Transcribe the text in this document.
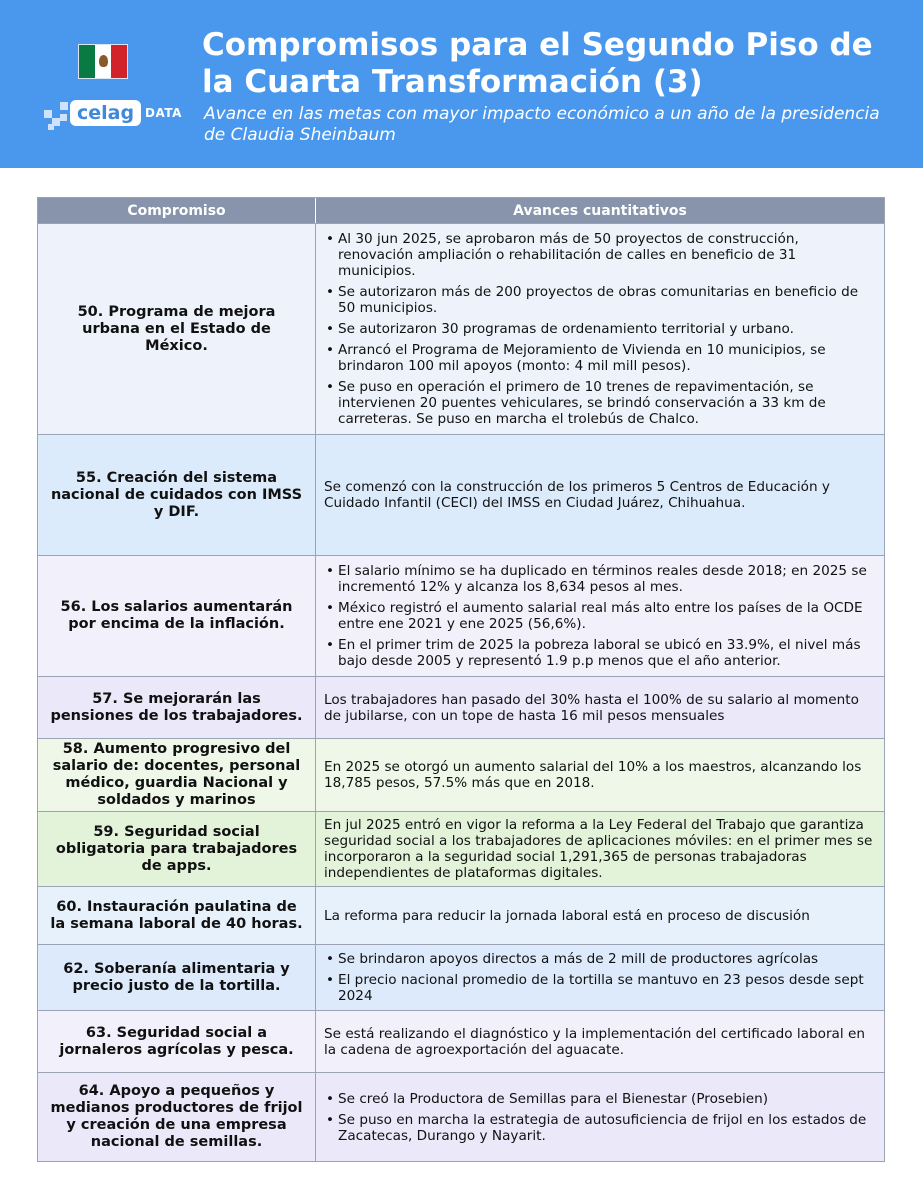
celag DATA
Compromisos para el Segundo Piso de la Cuarta Transformación (3)
Avance en las metas con mayor impacto económico a un año de la presidencia de Claudia Sheinbaum
Compromiso	Avances cuantitativos
50. Programa de mejora urbana en el Estado de México.
• Al 30 jun 2025, se aprobaron más de 50 proyectos de construcción, renovación ampliación o rehabilitación de calles en beneficio de 31 municipios.
• Se autorizaron más de 200 proyectos de obras comunitarias en beneficio de 50 municipios.
• Se autorizaron 30 programas de ordenamiento territorial y urbano.
• Arrancó el Programa de Mejoramiento de Vivienda en 10 municipios, se brindaron 100 mil apoyos (monto: 4 mil mill pesos).
• Se puso en operación el primero de 10 trenes de repavimentación, se intervienen 20 puentes vehiculares, se brindó conservación a 33 km de carreteras. Se puso en marcha el trolebús de Chalco.
55. Creación del sistema nacional de cuidados con IMSS y DIF.
Se comenzó con la construcción de los primeros 5 Centros de Educación y Cuidado Infantil (CECI) del IMSS en Ciudad Juárez, Chihuahua.
56. Los salarios aumentarán por encima de la inflación.
• El salario mínimo se ha duplicado en términos reales desde 2018; en 2025 se incrementó 12% y alcanza los 8,634 pesos al mes.
• México registró el aumento salarial real más alto entre los países de la OCDE entre ene 2021 y ene 2025 (56,6%).
• En el primer trim de 2025 la pobreza laboral se ubicó en 33.9%, el nivel más bajo desde 2005 y representó 1.9 p.p menos que el año anterior.
57. Se mejorarán las pensiones de los trabajadores.
Los trabajadores han pasado del 30% hasta el 100% de su salario al momento de jubilarse, con un tope de hasta 16 mil pesos mensuales
58. Aumento progresivo del salario de: docentes, personal médico, guardia Nacional y soldados y marinos
En 2025 se otorgó un aumento salarial del 10% a los maestros, alcanzando los 18,785 pesos, 57.5% más que en 2018.
59. Seguridad social obligatoria para trabajadores de apps.
En jul 2025 entró en vigor la reforma a la Ley Federal del Trabajo que garantiza seguridad social a los trabajadores de aplicaciones móviles: en el primer mes se incorporaron a la seguridad social 1,291,365 de personas trabajadoras independientes de plataformas digitales.
60. Instauración paulatina de la semana laboral de 40 horas.	La reforma para reducir la jornada laboral está en proceso de discusión
62. Soberanía alimentaria y precio justo de la tortilla.
• Se brindaron apoyos directos a más de 2 mill de productores agrícolas
• El precio nacional promedio de la tortilla se mantuvo en 23 pesos desde sept 2024
63. Seguridad social a jornaleros agrícolas y pesca.
Se está realizando el diagnóstico y la implementación del certificado laboral en la cadena de agroexportación del aguacate.
64. Apoyo a pequeños y medianos productores de frijol y creación de una empresa nacional de semillas.
• Se creó la Productora de Semillas para el Bienestar (Prosebien)
• Se puso en marcha la estrategia de autosuficiencia de frijol en los estados de Zacatecas, Durango y Nayarit.
